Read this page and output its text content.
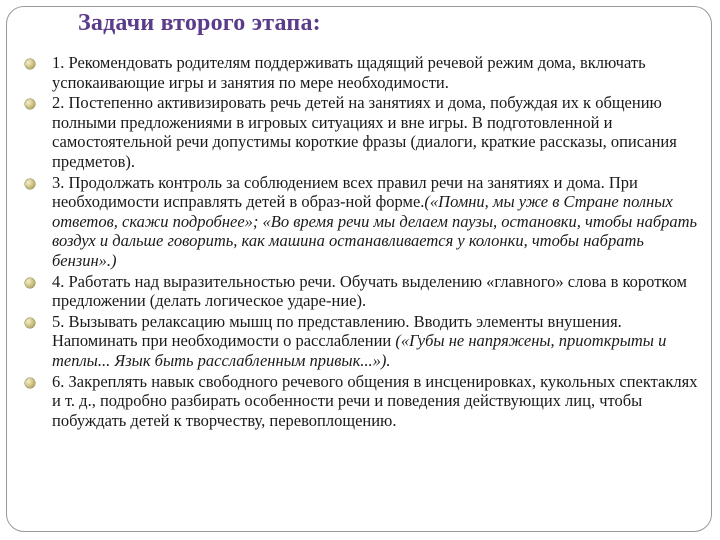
Задачи второго этапа:
1. Рекомендовать родителям поддерживать щадящий речевой режим дома, включать успокаивающие игры и занятия по мере необходимости.
2. Постепенно активизировать речь детей на занятиях и дома, побуждая их к общению полными предложениями в игровых ситуациях и вне игры. В подготовленной и самостоятельной речи допустимы короткие фразы (диалоги, краткие рассказы, описания предметов).
3. Продолжать контроль за соблюдением всех правил речи на занятиях и дома. При необходимости исправлять детей в образ-ной форме.(«Помни, мы уже в Стране полных ответов, скажи подробнее»; «Во время речи мы делаем паузы, остановки, чтобы набрать воздух и дальше говорить, как машина останавливается у колонки, чтобы набрать бензин».)
4. Работать над выразительностью речи. Обучать выделению «главного» слова в коротком предложении (делать логическое ударе-ние).
5. Вызывать релаксацию мышц по представлению. Вводить элементы внушения. Напоминать при необходимости о расслаблении («Губы не напряжены, приоткрыты и теплы... Язык быть расслабленным привык...»).
6. Закреплять навык свободного речевого общения в инсценировках, кукольных спектаклях и т. д., подробно разбирать особенности речи и поведения действующих лиц, чтобы побуждать детей к творчеству, перевоплощению.
